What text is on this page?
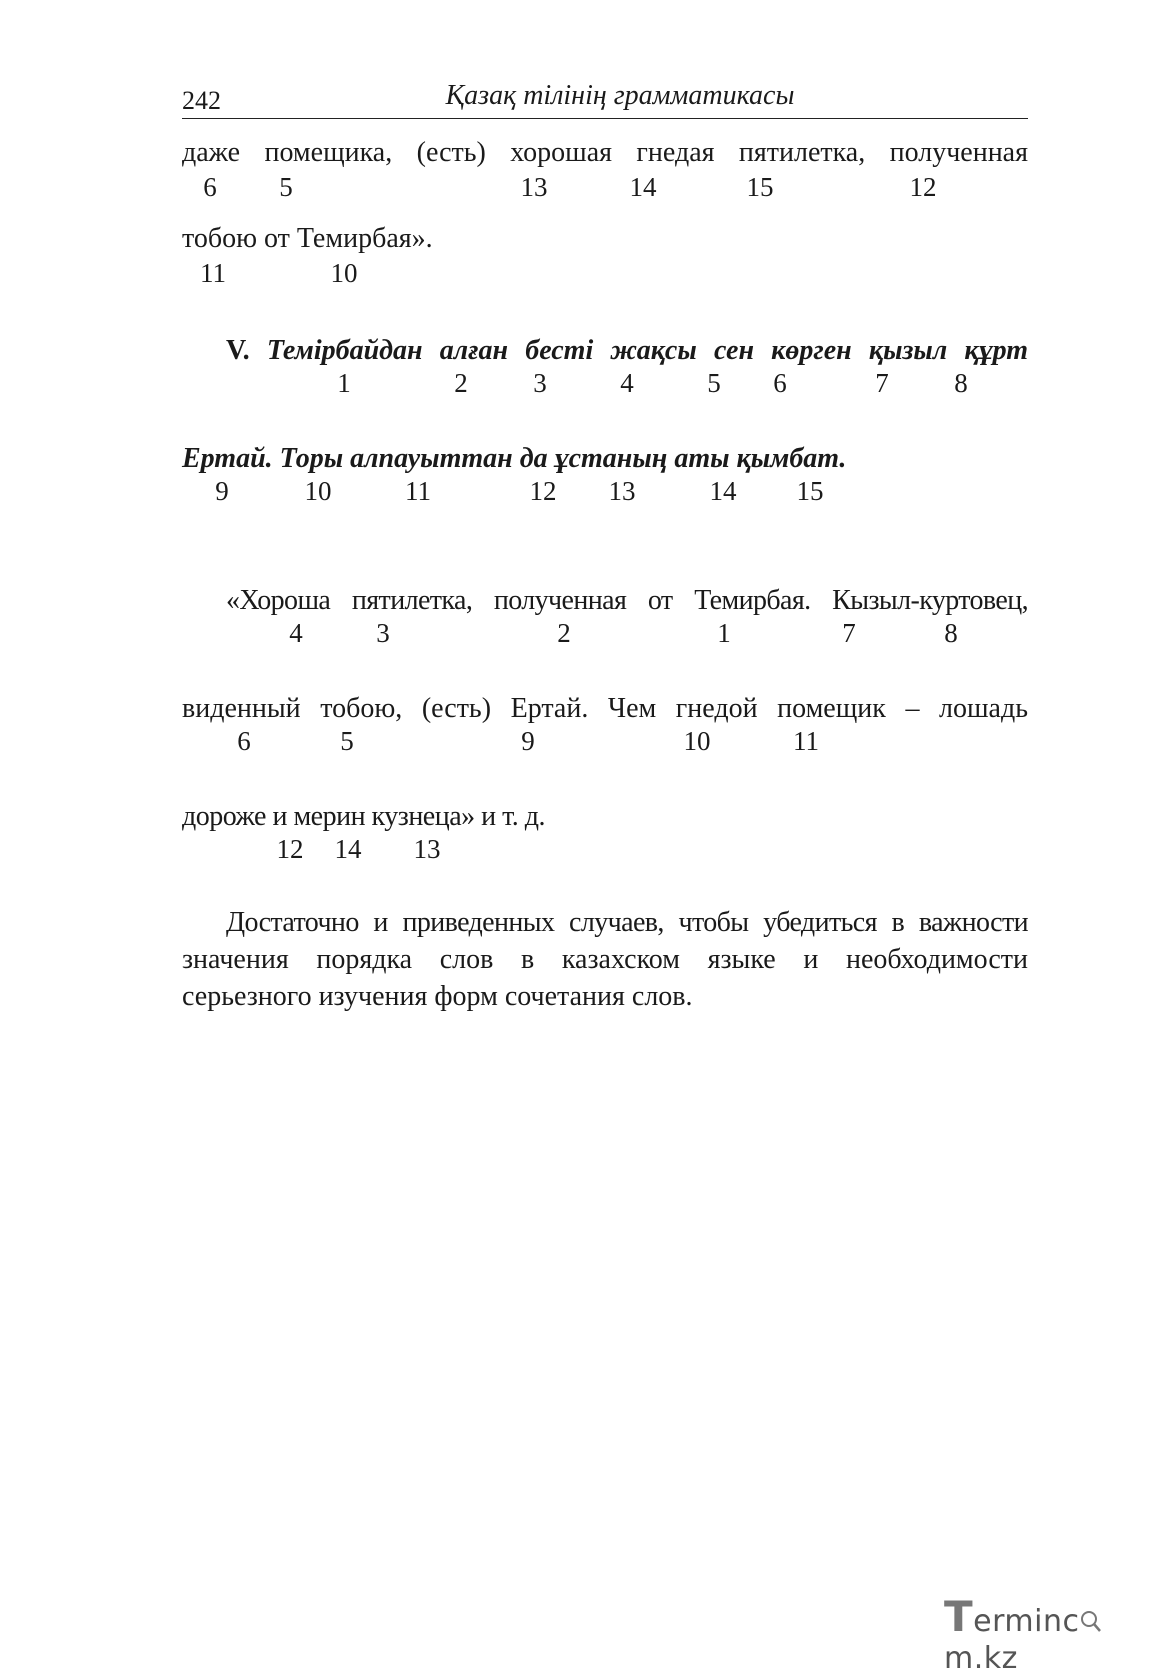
242	Қазақ тілінің грамматикасы
даже помещика, (есть) хорошая гнедая пятилетка, полученная
6 5	13	14	15	12
тобою от Темирбая».
11	10
V. Темірбайдан алған бесті жақсы сен көрген қызыл құрт
1	2 3	4	5 6	7 8
Ертай. Торы алпауыттан да ұстаның аты қымбат.
9	10	11	12 13	14 15
«Хороша пятилетка, полученная от Темирбая. Кызыл-куртовец,
4	3	2	1	7	8
виденный тобою, (есть) Ертай. Чем гнедой помещик – лошадь
6	5	9	10	11
дороже и мерин кузнеца» и т. д.
12 14 13
Достаточно и приведенных случаев, чтобы убедиться в важности
значения порядка слов в казахском языке и необходимости
серьезного изучения форм сочетания слов.
Termincm.kz
